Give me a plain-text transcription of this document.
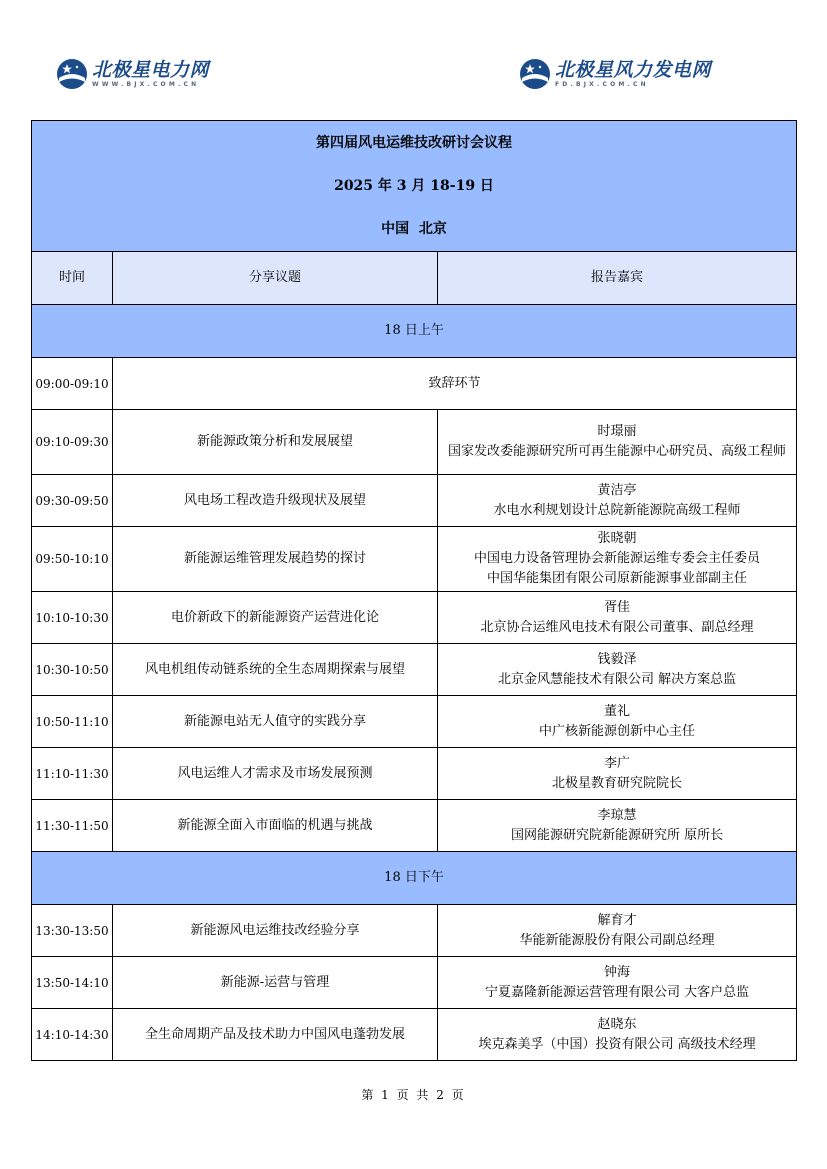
北极星电力网
WWW.BJX.COM.CN
北极星风力发电网
FD.BJX.COM.CN
第四届风电运维技改研讨会议程
2025 年 3 月 18-19 日
中国  北京		

时间	分享议题	报告嘉宾
18 日上午		
09:00-09:10	致辞环节	
09:10-09:30	新能源政策分析和发展展望	时璟丽
国家发改委能源研究所可再生能源中心研究员、高级工程师

09:30-09:50	风电场工程改造升级现状及展望	黄洁亭
水电水利规划设计总院新能源院高级工程师

09:50-10:10	新能源运维管理发展趋势的探讨	张晓朝
中国电力设备管理协会新能源运维专委会主任委员
中国华能集团有限公司原新能源事业部副主任

10:10-10:30	电价新政下的新能源资产运营进化论	胥佳
北京协合运维风电技术有限公司董事、副总经理

10:30-10:50	风电机组传动链系统的全生态周期探索与展望	钱毅泽
北京金风慧能技术有限公司 解决方案总监

10:50-11:10	新能源电站无人值守的实践分享	董礼
中广核新能源创新中心主任

11:10-11:30	风电运维人才需求及市场发展预测	李广
北极星教育研究院院长

11:30-11:50	新能源全面入市面临的机遇与挑战	李琼慧
国网能源研究院新能源研究所 原所长

18 日下午		
13:30-13:50	新能源风电运维技改经验分享	解育才
华能新能源股份有限公司副总经理

13:50-14:10	新能源-运营与管理	钟海
宁夏嘉隆新能源运营管理有限公司 大客户总监

14:10-14:30	全生命周期产品及技术助力中国风电蓬勃发展	赵晓东
埃克森美孚（中国）投资有限公司 高级技术经理
第 1 页 共 2 页
